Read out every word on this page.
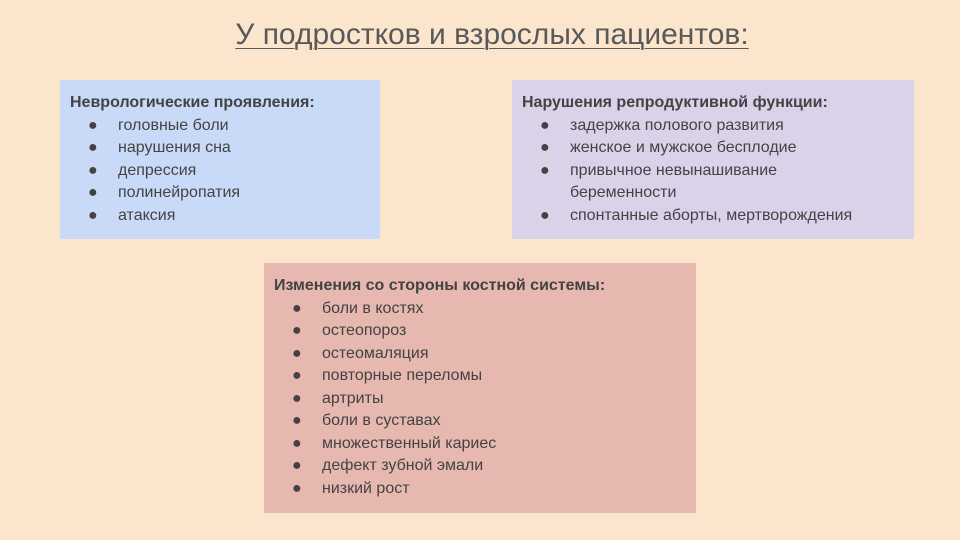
У подростков и взрослых пациентов:
Неврологические проявления:
● головные боли
● нарушения сна
● депрессия
● полинейропатия
● атаксия
Нарушения репродуктивной функции:
● задержка полового развития
● женское и мужское бесплодие
● привычное невынашивание беременности
● спонтанные аборты, мертворождения
Изменения со стороны костной системы:
● боли в костях
● остеопороз
● остеомаляция
● повторные переломы
● артриты
● боли в суставах
● множественный кариес
● дефект зубной эмали
● низкий рост
